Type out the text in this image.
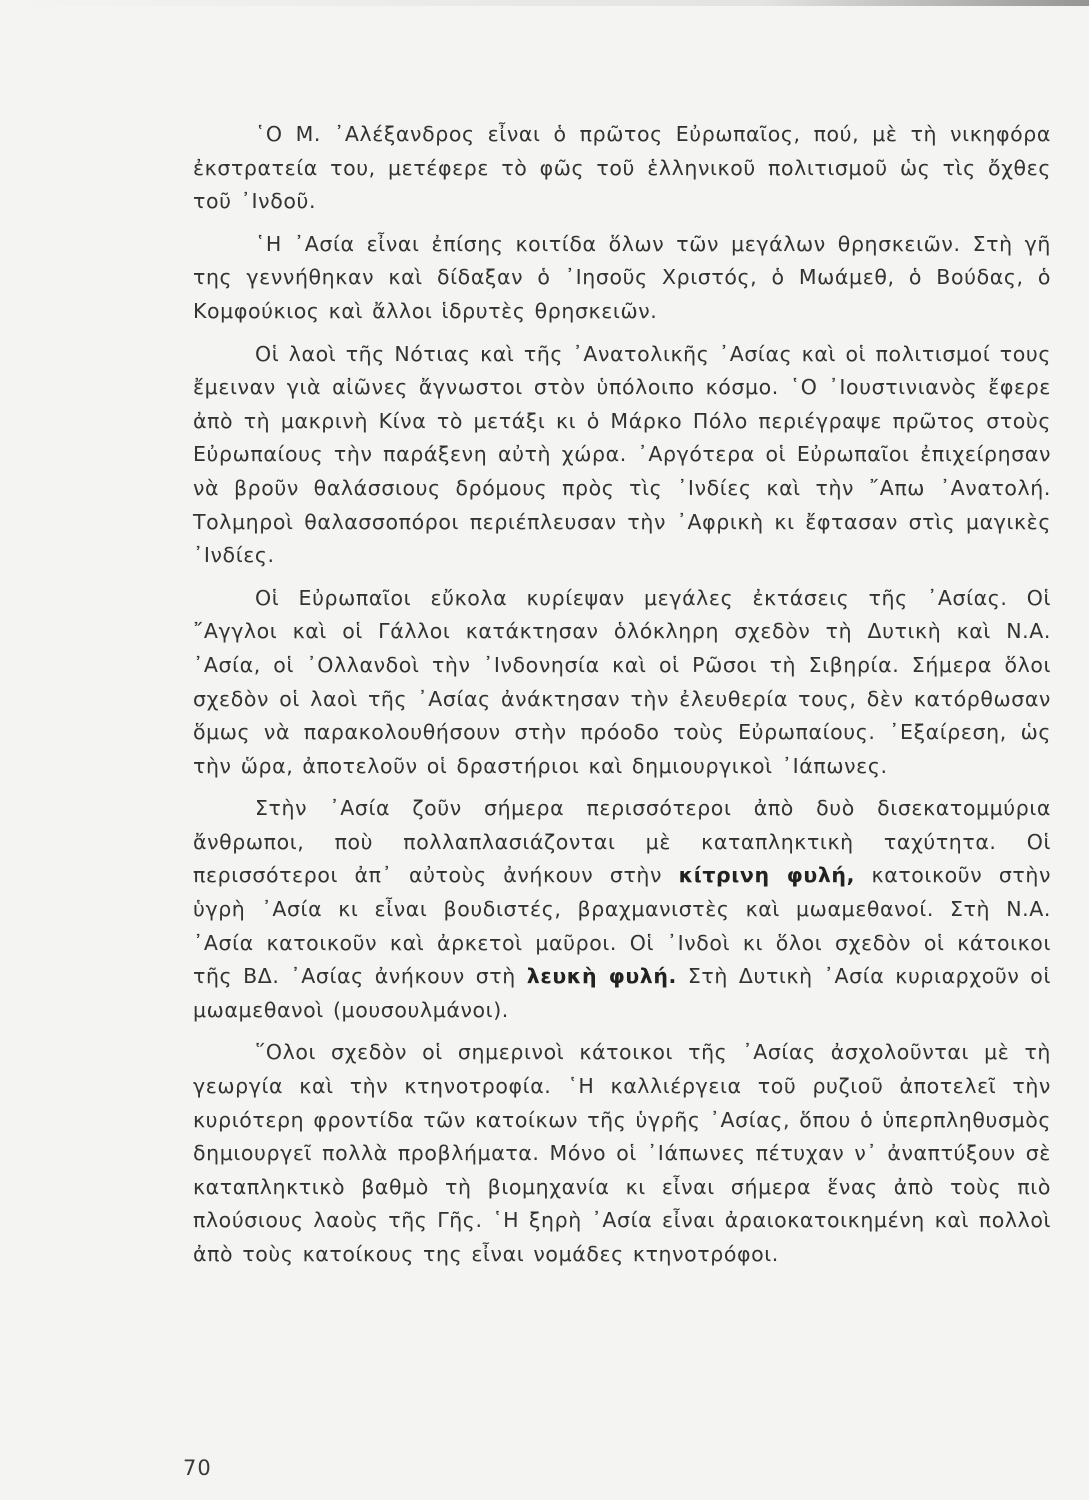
῾Ο Μ. ᾿Αλέξανδρος εἶναι ὁ πρῶτος Εὐρωπαῖος, πού, μὲ τὴ νικηφόρα ἐκστρατεία του, μετέφερε τὸ φῶς τοῦ ἑλληνικοῦ πολιτισμοῦ ὡς τὶς ὄχθες τοῦ ᾿Ινδοῦ.

῾Η ᾿Ασία εἶναι ἐπίσης κοιτίδα ὅλων τῶν μεγάλων θρησκειῶν. Στὴ γῆ της γεννήθηκαν καὶ δίδαξαν ὁ ᾿Ιησοῦς Χριστός, ὁ Μωάμεθ, ὁ Βούδας, ὁ Κομφούκιος καὶ ἄλλοι ἱδρυτὲς θρησκειῶν.

Οἱ λαοὶ τῆς Νότιας καὶ τῆς ᾿Ανατολικῆς ᾿Ασίας καὶ οἱ πολιτισμοί τους ἔμειναν γιὰ αἰῶνες ἄγνωστοι στὸν ὑπόλοιπο κόσμο. ῾Ο ᾿Ιουστινιανὸς ἔφερε ἀπὸ τὴ μακρινὴ Κίνα τὸ μετάξι κι ὁ Μάρκο Πόλο περιέγραψε πρῶτος στοὺς Εὐρωπαίους τὴν παράξενη αὐτὴ χώρα. ᾿Αργότερα οἱ Εὐρωπαῖοι ἐπιχείρησαν νὰ βροῦν θαλάσσιους δρόμους πρὸς τὶς ᾿Ινδίες καὶ τὴν ῎Απω ᾿Ανατολή. Τολμηροὶ θαλασσοπόροι περιέπλευσαν τὴν ᾿Αφρικὴ κι ἔφτασαν στὶς μαγικὲς ᾿Ινδίες.

Οἱ Εὐρωπαῖοι εὔκολα κυρίεψαν μεγάλες ἐκτάσεις τῆς ᾿Ασίας. Οἱ ῎Αγγλοι καὶ οἱ Γάλλοι κατάκτησαν ὁλόκληρη σχεδὸν τὴ Δυτικὴ καὶ Ν.Α. ᾿Ασία, οἱ ᾿Ολλανδοὶ τὴν ᾿Ινδονησία καὶ οἱ Ρῶσοι τὴ Σιβηρία. Σήμερα ὅλοι σχεδὸν οἱ λαοὶ τῆς ᾿Ασίας ἀνάκτησαν τὴν ἐλευθερία τους, δὲν κατόρθωσαν ὅμως νὰ παρακολουθήσουν στὴν πρόοδο τοὺς Εὐρωπαίους. ᾿Εξαίρεση, ὡς τὴν ὥρα, ἀποτελοῦν οἱ δραστήριοι καὶ δημιουργικοὶ ᾿Ιάπωνες.

Στὴν ᾿Ασία ζοῦν σήμερα περισσότεροι ἀπὸ δυὸ δισεκατομμύρια ἄνθρωποι, ποὺ πολλαπλασιάζονται μὲ καταπληκτικὴ ταχύτητα. Οἱ περισσότεροι ἀπ᾿ αὐτοὺς ἀνήκουν στὴν κίτρινη φυλή, κατοικοῦν στὴν ὑγρὴ ᾿Ασία κι εἶναι βουδιστές, βραχμανιστὲς καὶ μωαμεθανοί. Στὴ Ν.Α. ᾿Ασία κατοικοῦν καὶ ἀρκετοὶ μαῦροι. Οἱ ᾿Ινδοὶ κι ὅλοι σχεδὸν οἱ κάτοικοι τῆς ΒΔ. ᾿Ασίας ἀνήκουν στὴ λευκὴ φυλή. Στὴ Δυτικὴ ᾿Ασία κυριαρχοῦν οἱ μωαμεθανοὶ (μουσουλμάνοι).

῞Ολοι σχεδὸν οἱ σημερινοὶ κάτοικοι τῆς ᾿Ασίας ἀσχολοῦνται μὲ τὴ γεωργία καὶ τὴν κτηνοτροφία. ῾Η καλλιέργεια τοῦ ρυζιοῦ ἀποτελεῖ τὴν κυριότερη φροντίδα τῶν κατοίκων τῆς ὑγρῆς ᾿Ασίας, ὅπου ὁ ὑπερπληθυσμὸς δημιουργεῖ πολλὰ προβλήματα. Μόνο οἱ ᾿Ιάπωνες πέτυχαν ν᾿ ἀναπτύξουν σὲ καταπληκτικὸ βαθμὸ τὴ βιομηχανία κι εἶναι σήμερα ἕνας ἀπὸ τοὺς πιὸ πλούσιους λαοὺς τῆς Γῆς. ῾Η ξηρὴ ᾿Ασία εἶναι ἀραιοκατοικημένη καὶ πολλοὶ ἀπὸ τοὺς κατοίκους της εἶναι νομάδες κτηνοτρόφοι.

70
